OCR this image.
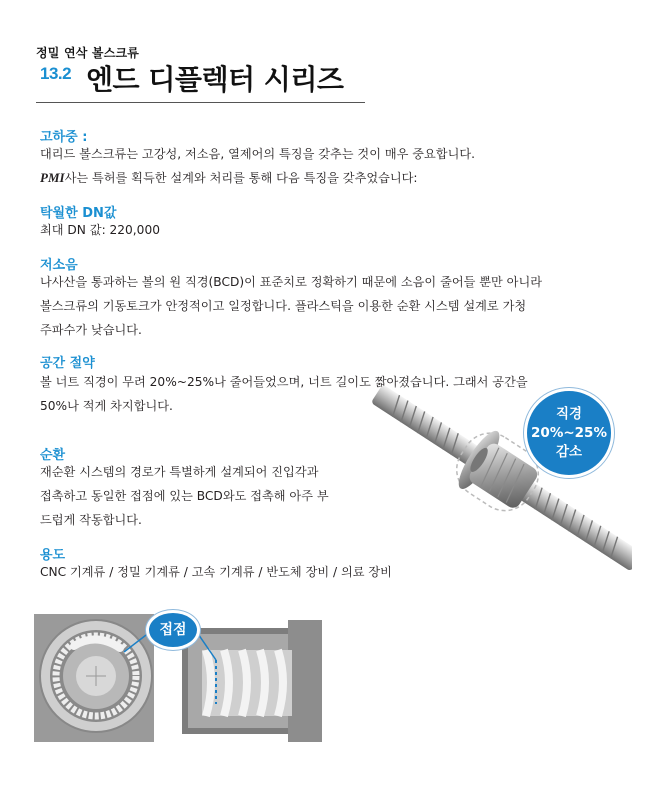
정밀 연삭 볼스크류
13.2 엔드 디플렉터 시리즈
고하중 :
대리드 볼스크류는 고강성, 저소음, 열제어의 특징을 갖추는 것이 매우 중요합니다.
PMI사는 특허를 획득한 설계와 처리를 통해 다음 특징을 갖추었습니다:
탁월한 DN값
최대 DN 값: 220,000
저소음
나사산을 통과하는 볼의 원 직경(BCD)이 표준치로 정확하기 때문에 소음이 줄어들 뿐만 아니라
볼스크류의 기동토크가 안정적이고 일정합니다. 플라스틱을 이용한 순환 시스템 설계로 가청
주파수가 낮습니다.
공간 절약
볼 너트 직경이 무려 20%~25%나 줄어들었으며, 너트 길이도 짧아졌습니다. 그래서 공간을
50%나 적게 차지합니다.	직경
20%~25%
감소
순환
재순환 시스템의 경로가 특별하게 설계되어 진입각과
접촉하고 동일한 접점에 있는 BCD와도 접촉해 아주 부
드럽게 작동합니다.
용도
CNC 기계류 / 정밀 기계류 / 고속 기계류 / 반도체 장비 / 의료 장비
접점
